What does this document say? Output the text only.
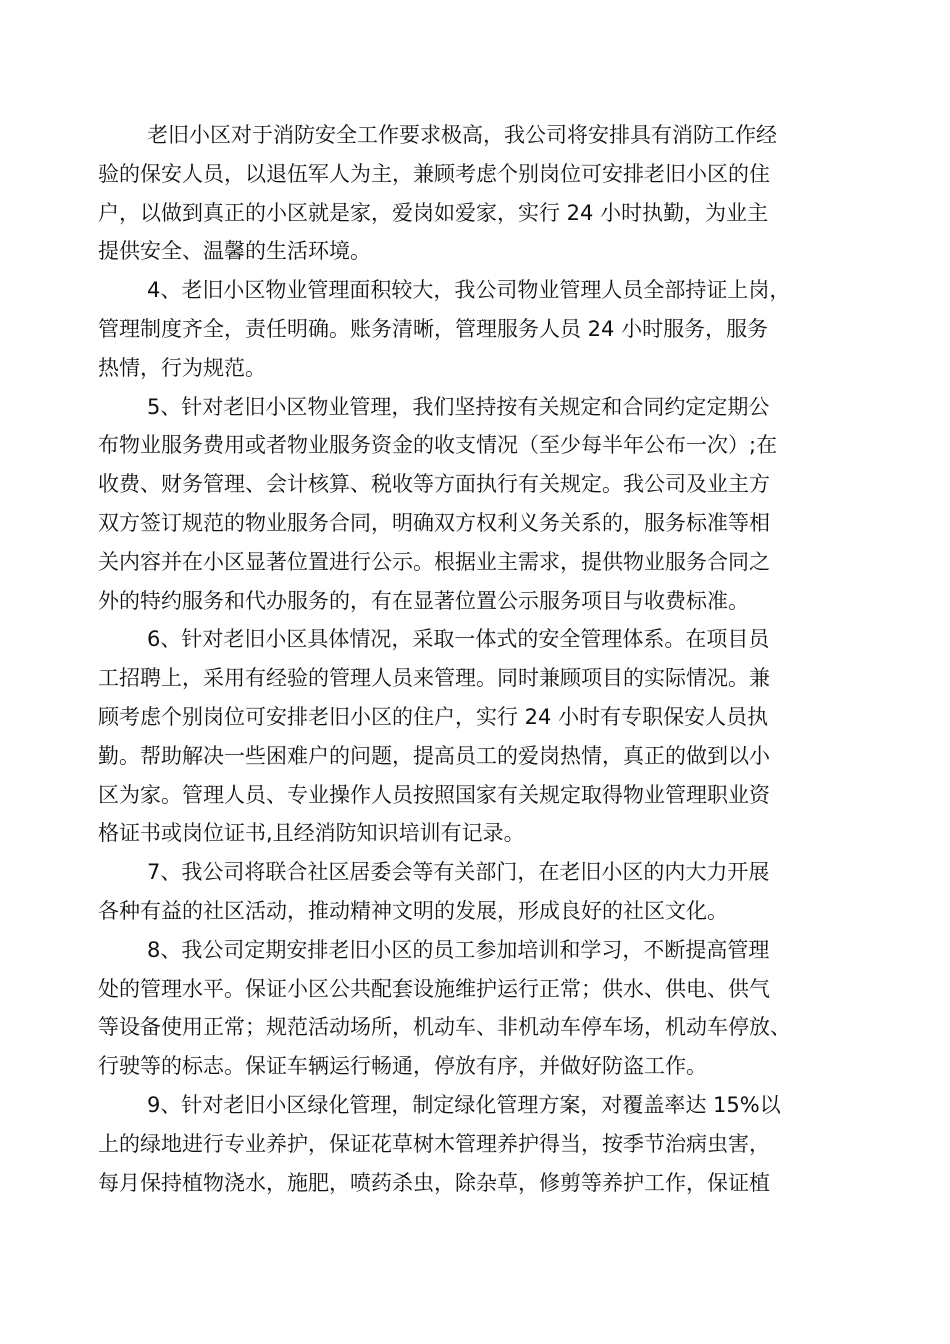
老旧小区对于消防安全工作要求极高，我公司将安排具有消防工作经
验的保安人员，以退伍军人为主，兼顾考虑个别岗位可安排老旧小区的住
户，以做到真正的小区就是家，爱岗如爱家，实行 24 小时执勤，为业主
提供安全、温馨的生活环境。
4、老旧小区物业管理面积较大，我公司物业管理人员全部持证上岗，
管理制度齐全，责任明确。账务清晰，管理服务人员 24 小时服务，服务
热情，行为规范。
5、针对老旧小区物业管理，我们坚持按有关规定和合同约定定期公
布物业服务费用或者物业服务资金的收支情况（至少每半年公布一次）;在
收费、财务管理、会计核算、税收等方面执行有关规定。我公司及业主方
双方签订规范的物业服务合同，明确双方权利义务关系的，服务标准等相
关内容并在小区显著位置进行公示。根据业主需求，提供物业服务合同之
外的特约服务和代办服务的，有在显著位置公示服务项目与收费标准。
6、针对老旧小区具体情况，采取一体式的安全管理体系。在项目员
工招聘上，采用有经验的管理人员来管理。同时兼顾项目的实际情况。兼
顾考虑个别岗位可安排老旧小区的住户，实行 24 小时有专职保安人员执
勤。帮助解决一些困难户的问题，提高员工的爱岗热情，真正的做到以小
区为家。管理人员、专业操作人员按照国家有关规定取得物业管理职业资
格证书或岗位证书,且经消防知识培训有记录。
7、我公司将联合社区居委会等有关部门，在老旧小区的内大力开展
各种有益的社区活动，推动精神文明的发展，形成良好的社区文化。
8、我公司定期安排老旧小区的员工参加培训和学习，不断提高管理
处的管理水平。保证小区公共配套设施维护运行正常；供水、供电、供气
等设备使用正常；规范活动场所，机动车、非机动车停车场，机动车停放、
行驶等的标志。保证车辆运行畅通，停放有序，并做好防盗工作。
9、针对老旧小区绿化管理，制定绿化管理方案，对覆盖率达 15%以
上的绿地进行专业养护，保证花草树木管理养护得当，按季节治病虫害，
每月保持植物浇水，施肥，喷药杀虫，除杂草，修剪等养护工作，保证植
